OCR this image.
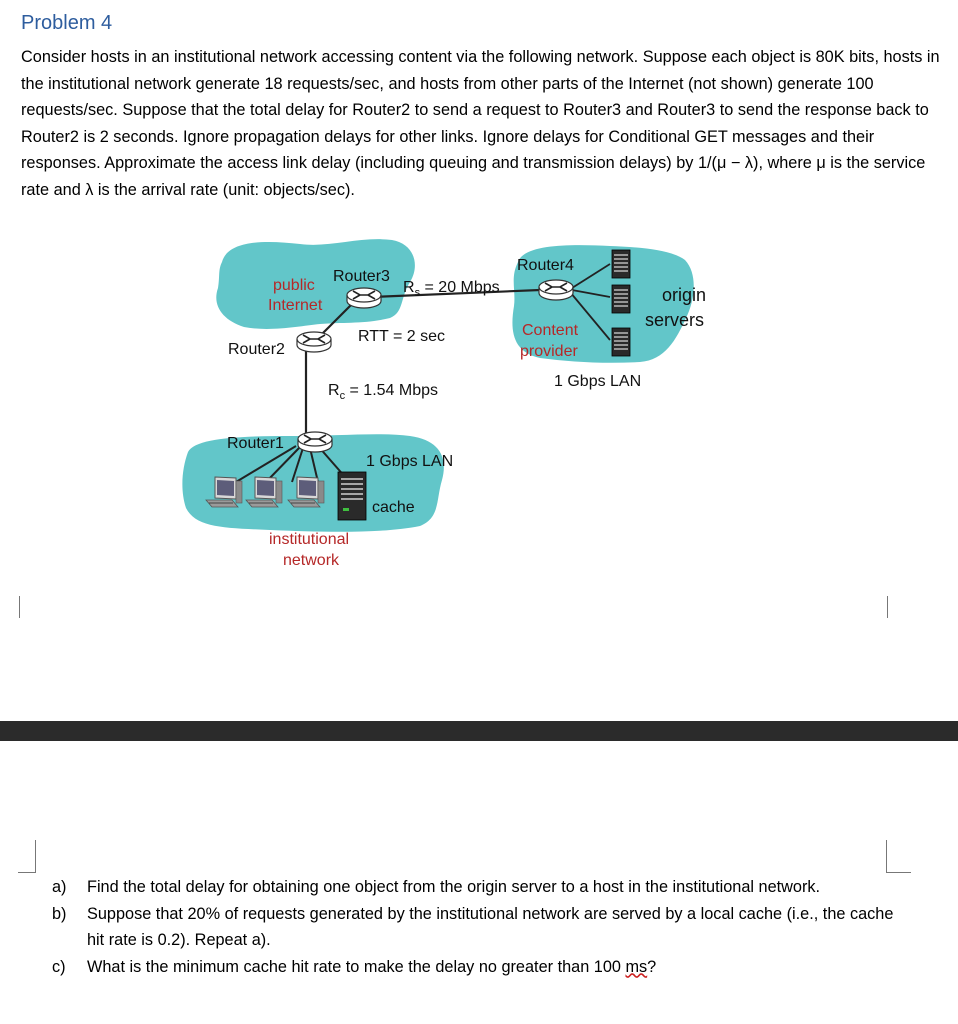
Problem 4

Consider hosts in an institutional network accessing content via the following network. Suppose each object is 80K bits, hosts in the institutional network generate 18 requests/sec, and hosts from other parts of the Internet (not shown) generate 100 requests/sec. Suppose that the total delay for Router2 to send a request to Router3 and Router3 to send the response back to Router2 is 2 seconds. Ignore propagation delays for other links. Ignore delays for Conditional GET messages and their responses. Approximate the access link delay (including queuing and transmission delays) by 1/(μ − λ), where μ is the service rate and λ is the arrival rate (unit: objects/sec).

public Internet
Router3
$R_s = 20$ Mbps
Router4
origin servers
Content provider
RTT = 2 sec
Router2
$R_c = 1.54$ Mbps
1 Gbps LAN
Router1
1 Gbps LAN
cache
institutional network
a) Find the total delay for obtaining one object from the origin server to a host in the institutional network.
b) Suppose that 20% of requests generated by the institutional network are served by a local cache (i.e., the cache hit rate is 0.2). Repeat a).
c) What is the minimum cache hit rate to make the delay no greater than 100 ms?
